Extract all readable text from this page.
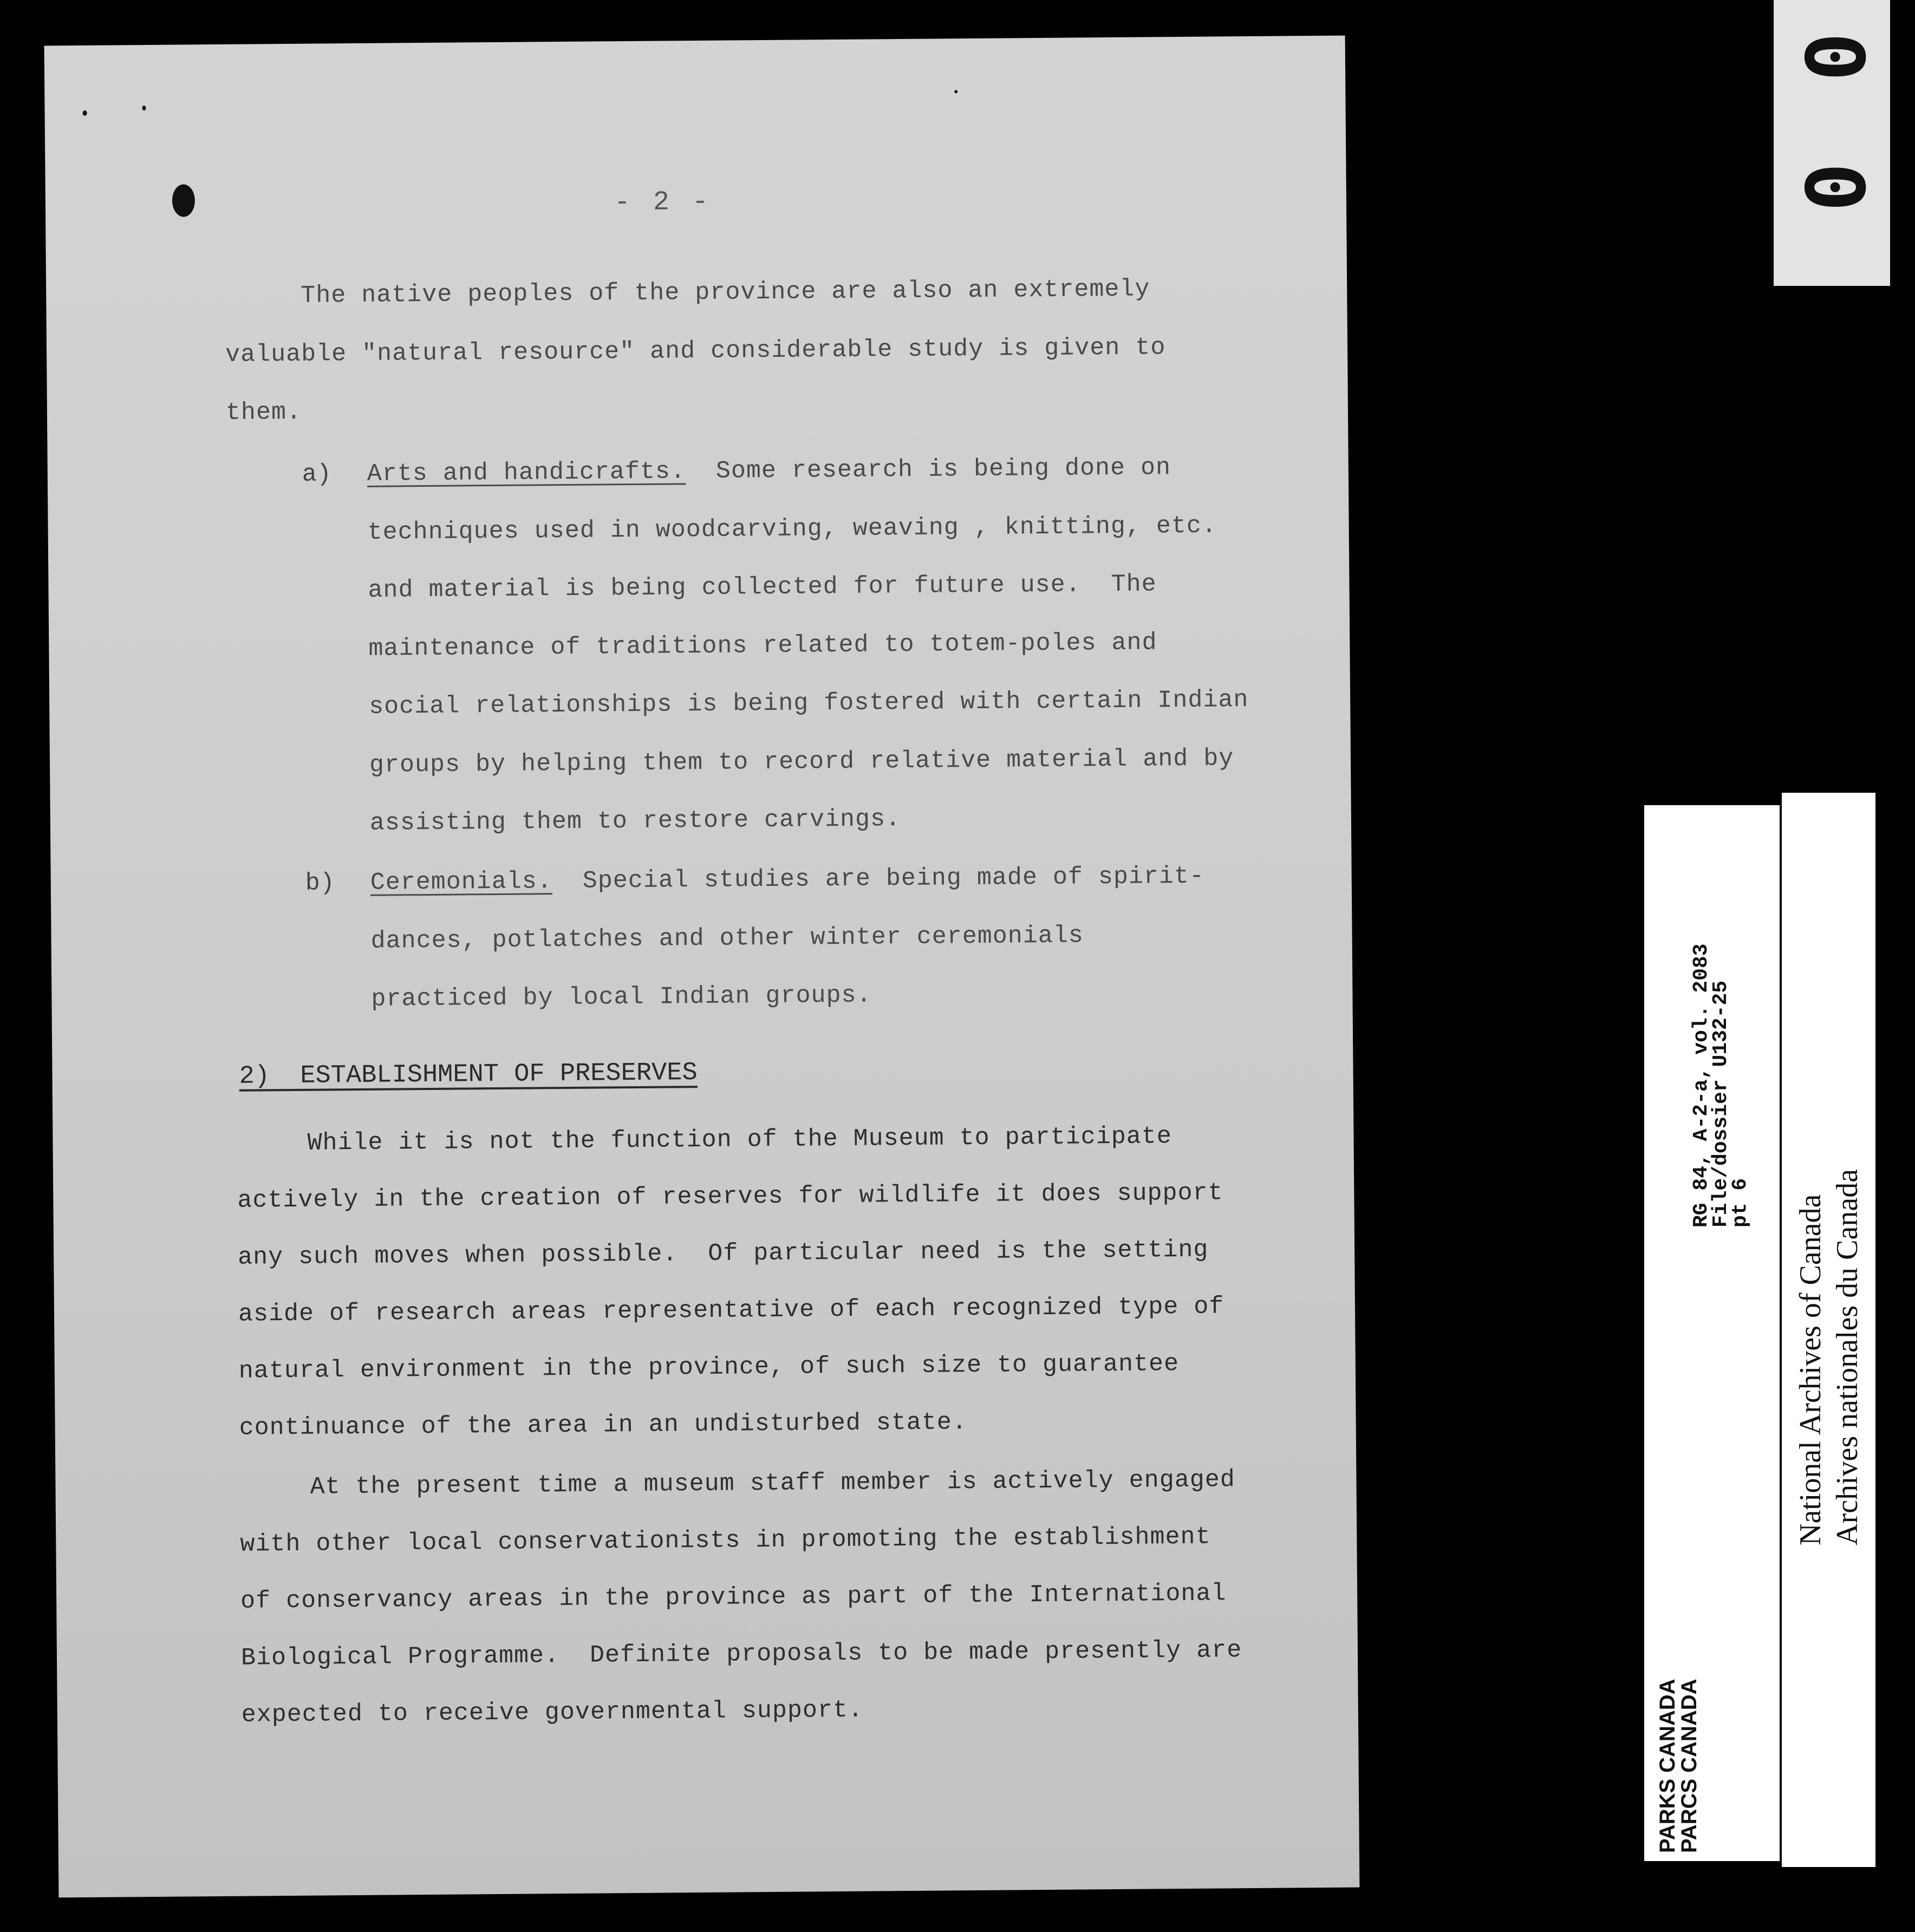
- 2 -
The native peoples of the province are also an extremely
valuable "natural resource" and considerable study is given to
them.
a) Arts and handicrafts. Some research is being done on
techniques used in woodcarving, weaving , knitting, etc.
and material is being collected for future use.  The
maintenance of traditions related to totem-poles and
social relationships is being fostered with certain Indian
groups by helping them to record relative material and by
assisting them to restore carvings.
b) Ceremonials. Special studies are being made of spirit-
dances, potlatches and other winter ceremonials
practiced by local Indian groups.
2)  ESTABLISHMENT OF PRESERVES
While it is not the function of the Museum to participate
actively in the creation of reserves for wildlife it does support
any such moves when possible.  Of particular need is the setting
aside of research areas representative of each recognized type of
natural environment in the province, of such size to guarantee
continuance of the area in an undisturbed state.
At the present time a museum staff member is actively engaged
with other local conservationists in promoting the establishment
of conservancy areas in the province as part of the International
Biological Programme.  Definite proposals to be made presently are
expected to receive governmental support.
0 0
PARKS CANADA
PARCS CANADA
RG 84, A-2-a, vol. 2083
File/dossier U132-25
pt 6 National Archives of Canada Archives nationales du Canada
